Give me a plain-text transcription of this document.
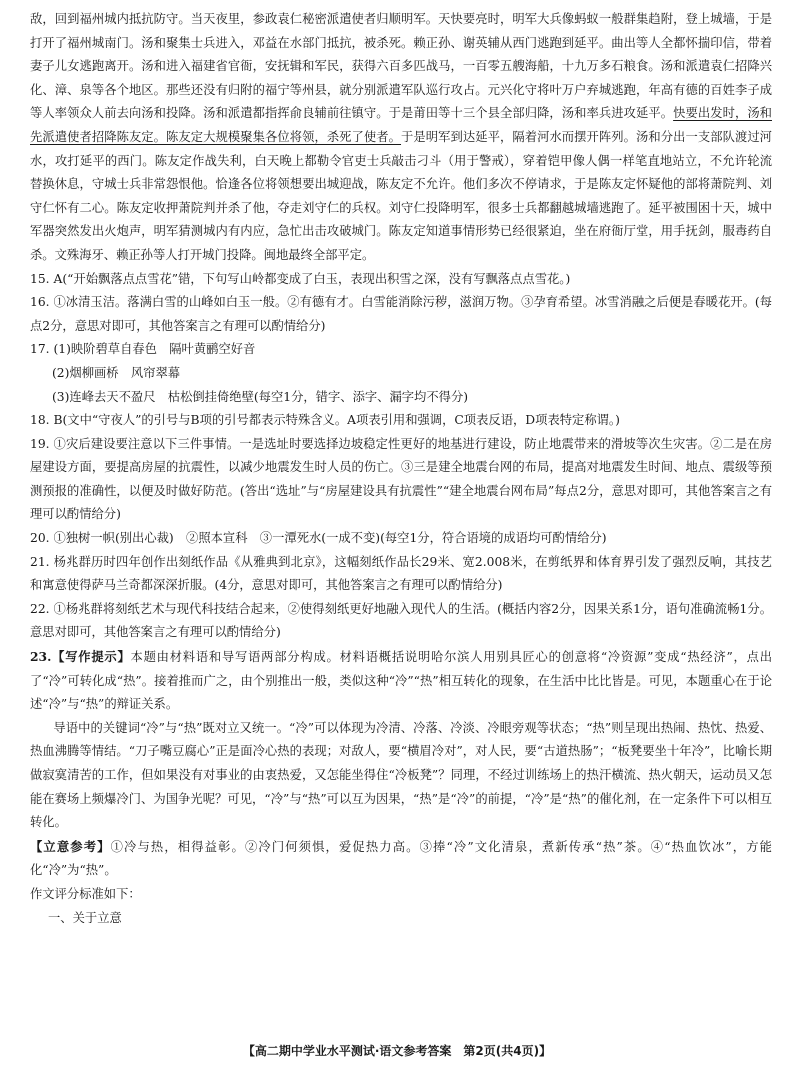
敌，回到福州城内抵抗防守。当天夜里，参政袁仁秘密派遣使者归顺明军。天快要亮时，明军大兵像蚂蚁一般群集趋附，登上城墙，于是打开了福州城南门。汤和聚集士兵进入，邓益在水部门抵抗，被杀死。赖正孙、谢英辅从西门逃跑到延平。曲出等人全都怀揣印信，带着妻子儿女逃跑离开。汤和进入福建省官衙，安抚辑和军民，获得六百多匹战马，一百零五艘海船，十九万多石粮食。汤和派遣袁仁招降兴化、漳、泉等各个地区。那些还没有归附的福宁等州县，就分别派遣军队巡行攻占。元兴化守将叶万户弃城逃跑，年高有德的百姓李子成等人率领众人前去向汤和投降。汤和派遣都指挥俞良辅前往镇守。于是莆田等十三个县全部归降，汤和率兵进攻延平。快要出发时，汤和先派遣使者招降陈友定。陈友定大规模聚集各位将领，杀死了使者。于是明军到达延平，隔着河水而摆开阵列。汤和分出一支部队渡过河水，攻打延平的西门。陈友定作战失利，白天晚上都勒令官吏士兵敲击刁斗（用于警戒），穿着铠甲像人偶一样笔直地站立，不允许轮流替换休息，守城士兵非常怨恨他。恰逢各位将领想要出城迎战，陈友定不允许。他们多次不停请求，于是陈友定怀疑他的部将萧院判、刘守仁怀有二心。陈友定收押萧院判并杀了他，夺走刘守仁的兵权。刘守仁投降明军，很多士兵都翻越城墙逃跑了。延平被围困十天，城中军器突然发出火炮声，明军猜测城内有内应，急忙出击攻破城门。陈友定知道事情形势已经很紧迫，坐在府衙厅堂，用手抚剑，服毒药自杀。文殊海牙、赖正孙等人打开城门投降。闽地最终全部平定。

15. A(“开始飘落点点雪花”错，下句写山岭都变成了白玉，表现出积雪之深，没有写飘落点点雪花。)

16. ①冰清玉洁。落满白雪的山峰如白玉一般。②有德有才。白雪能消除污秽，滋润万物。③孕育希望。冰雪消融之后便是春暖花开。(每点2分，意思对即可，其他答案言之有理可以酌情给分)

17. (1)映阶碧草自春色　隔叶黄鹂空好音

(2)烟柳画桥　风帘翠幕

(3)连峰去天不盈尺　枯松倒挂倚绝壁(每空1分，错字、添字、漏字均不得分)

18. B(文中“守夜人”的引号与B项的引号都表示特殊含义。A项表引用和强调，C项表反语，D项表特定称谓。)

19. ①灾后建设要注意以下三件事情。一是选址时要选择边坡稳定性更好的地基进行建设，防止地震带来的滑坡等次生灾害。②二是在房屋建设方面，要提高房屋的抗震性，以减少地震发生时人员的伤亡。③三是建全地震台网的布局，提高对地震发生时间、地点、震级等预测预报的准确性，以便及时做好防范。(答出“选址”与“房屋建设具有抗震性”“建全地震台网布局”每点2分，意思对即可，其他答案言之有理可以酌情给分)

20. ①独树一帜(别出心裁)　②照本宣科　③一潭死水(一成不变)(每空1分，符合语境的成语均可酌情给分)

21. 杨兆群历时四年创作出刻纸作品《从雅典到北京》，这幅刻纸作品长29米、宽2.008米，在剪纸界和体育界引发了强烈反响，其技艺和寓意使得萨马兰奇都深深折服。(4分，意思对即可，其他答案言之有理可以酌情给分)

22. ①杨兆群将刻纸艺术与现代科技结合起来，②使得刻纸更好地融入现代人的生活。(概括内容2分，因果关系1分，语句准确流畅1分。意思对即可，其他答案言之有理可以酌情给分)

23.【写作提示】本题由材料语和导写语两部分构成。材料语概括说明哈尔滨人用别具匠心的创意将“冷资源”变成“热经济”，点出了“冷”可转化成“热”。接着推而广之，由个别推出一般，类似这种“冷”“热”相互转化的现象，在生活中比比皆是。可见，本题重心在于论述“冷”与“热”的辩证关系。

导语中的关键词“冷”与“热”既对立又统一。“冷”可以体现为冷清、冷落、冷淡、冷眼旁观等状态；“热”则呈现出热闹、热忱、热爱、热血沸腾等情结。“刀子嘴豆腐心”正是面冷心热的表现；对敌人，要“横眉冷对”，对人民，要“古道热肠”；“板凳要坐十年冷”，比喻长期做寂寞清苦的工作，但如果没有对事业的由衷热爱，又怎能坐得住“冷板凳”？同理，不经过训练场上的热汗横流、热火朝天，运动员又怎能在赛场上频爆冷门、为国争光呢？可见，“冷”与“热”可以互为因果，“热”是“冷”的前提，“冷”是“热”的催化剂，在一定条件下可以相互转化。

【立意参考】①冷与热，相得益彰。②冷门何须惧，爱促热力高。③捧“冷”文化清泉，煮新传承“热”茶。④“热血饮冰”，方能化“冷”为“热”。

作文评分标准如下：

一、关于立意

【高二期中学业水平测试·语文参考答案　第2页(共4页)】
